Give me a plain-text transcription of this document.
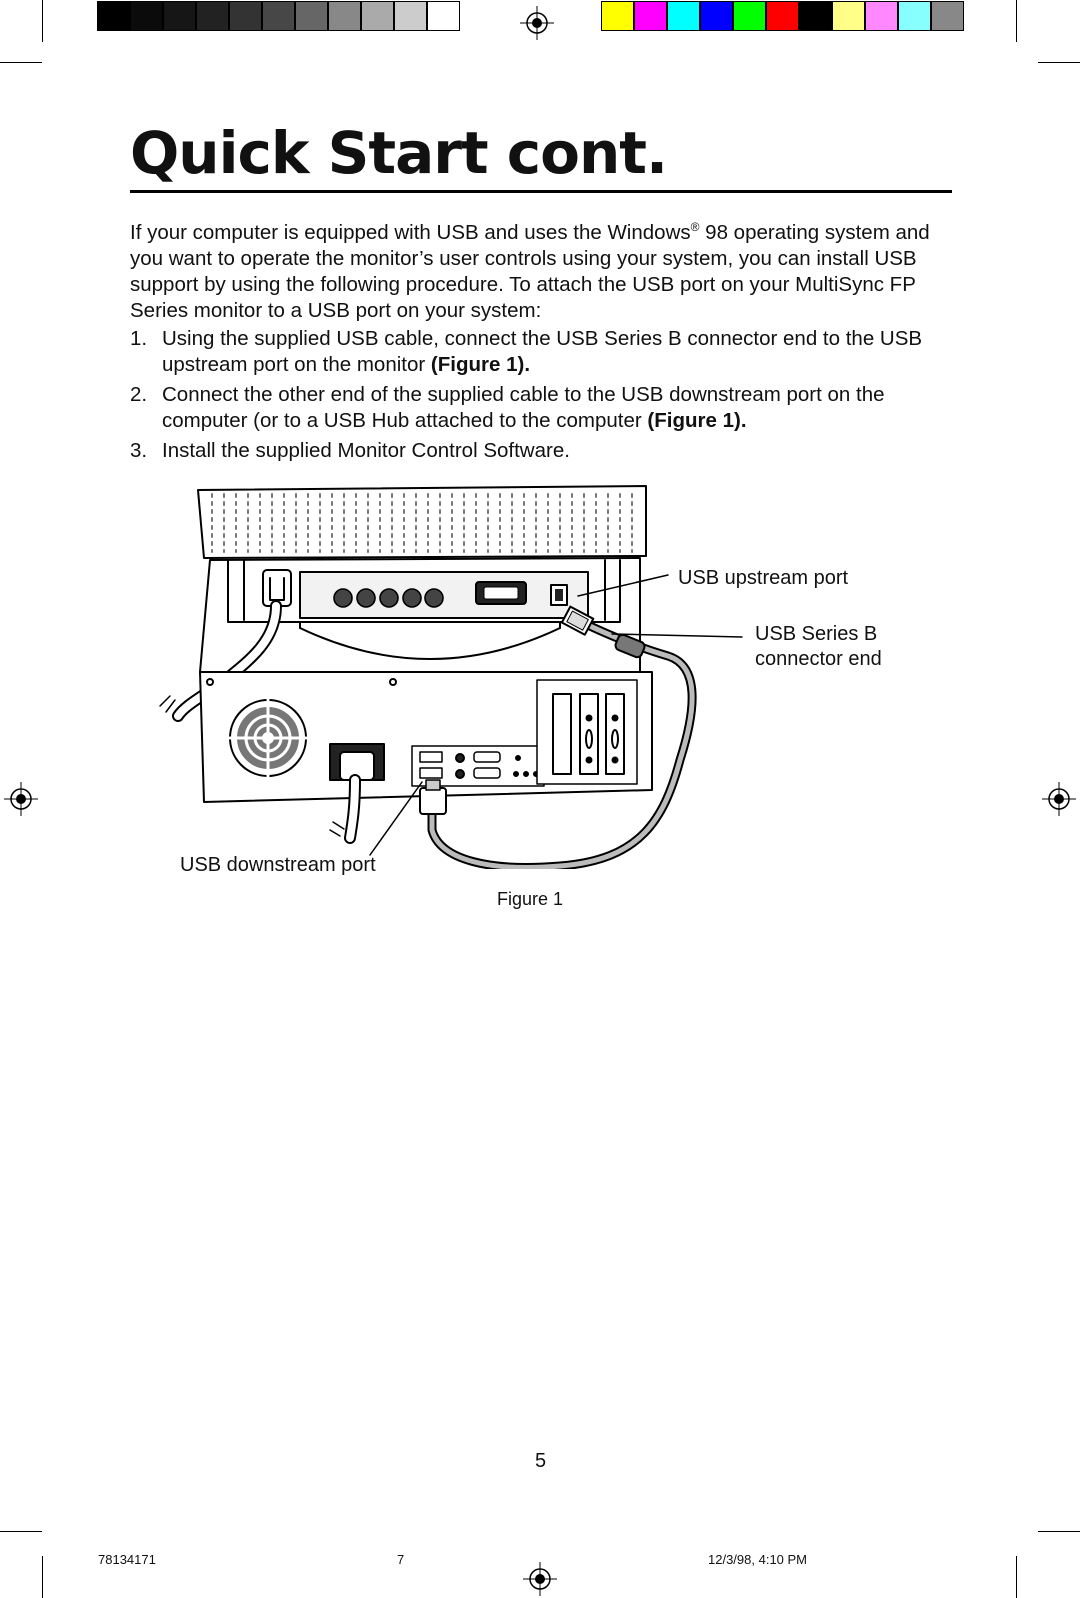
Quick Start cont.

If your computer is equipped with USB and uses the Windows® 98 operating system and you want to operate the monitor’s user controls using your system, you can install USB support by using the following procedure. To attach the USB port on your MultiSync FP Series monitor to a USB port on your system:

1. Using the supplied USB cable, connect the USB Series B connector end to the USB upstream port on the monitor (Figure 1).
2. Connect the other end of the supplied cable to the USB downstream port on the computer (or to a USB Hub attached to the computer (Figure 1).
3. Install the supplied Monitor Control Software.
USB upstream port
USB Series B
connector end
USB downstream port
Figure 1
5
78134171	7	12/3/98, 4:10 PM
